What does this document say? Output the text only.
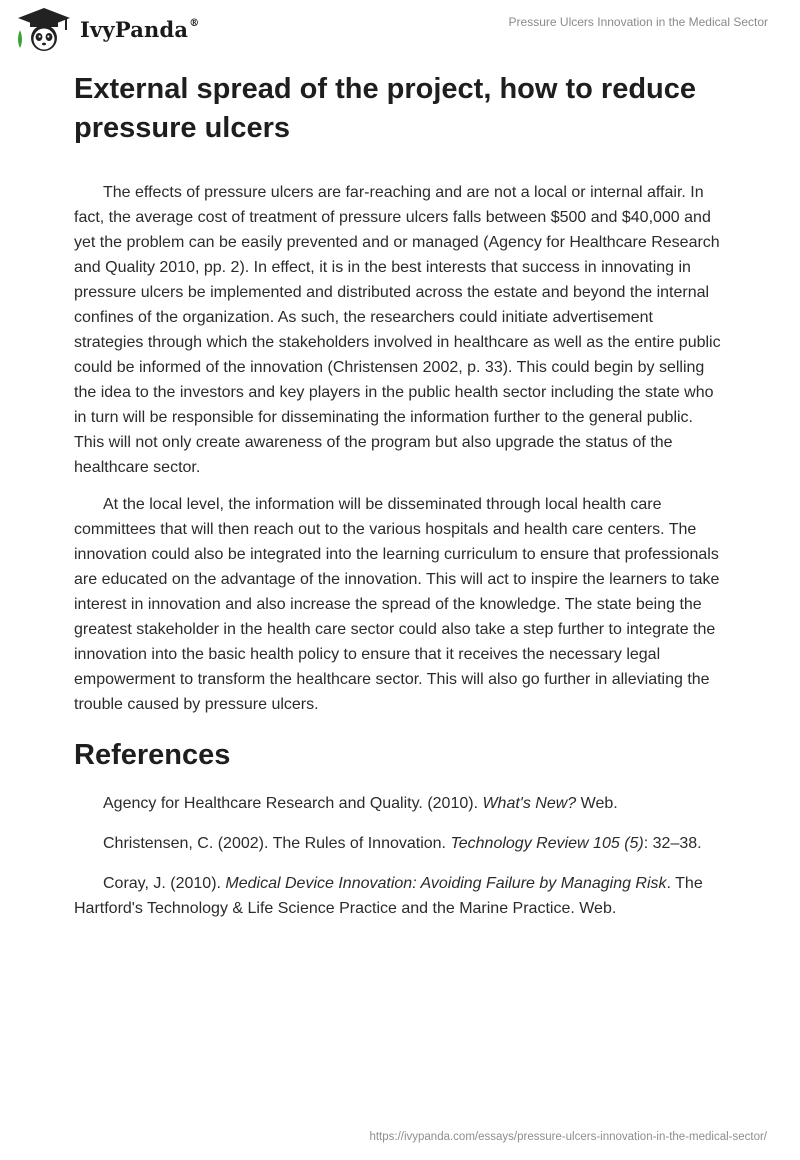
IvyPanda®	Pressure Ulcers Innovation in the Medical Sector
External spread of the project, how to reduce pressure ulcers

The effects of pressure ulcers are far-reaching and are not a local or internal affair. In fact, the average cost of treatment of pressure ulcers falls between $500 and $40,000 and yet the problem can be easily prevented and or managed (Agency for Healthcare Research and Quality 2010, pp. 2). In effect, it is in the best interests that success in innovating in pressure ulcers be implemented and distributed across the estate and beyond the internal confines of the organization. As such, the researchers could initiate advertisement strategies through which the stakeholders involved in healthcare as well as the entire public could be informed of the innovation (Christensen 2002, p. 33). This could begin by selling the idea to the investors and key players in the public health sector including the state who in turn will be responsible for disseminating the information further to the general public. This will not only create awareness of the program but also upgrade the status of the healthcare sector.

At the local level, the information will be disseminated through local health care committees that will then reach out to the various hospitals and health care centers. The innovation could also be integrated into the learning curriculum to ensure that professionals are educated on the advantage of the innovation. This will act to inspire the learners to take interest in innovation and also increase the spread of the knowledge. The state being the greatest stakeholder in the health care sector could also take a step further to integrate the innovation into the basic health policy to ensure that it receives the necessary legal empowerment to transform the healthcare sector. This will also go further in alleviating the trouble caused by pressure ulcers.

References

Agency for Healthcare Research and Quality. (2010). What's New? Web.

Christensen, C. (2002). The Rules of Innovation. Technology Review 105 (5): 32–38.

Coray, J. (2010). Medical Device Innovation: Avoiding Failure by Managing Risk. The Hartford's Technology & Life Science Practice and the Marine Practice. Web.

https://ivypanda.com/essays/pressure-ulcers-innovation-in-the-medical-sector/
